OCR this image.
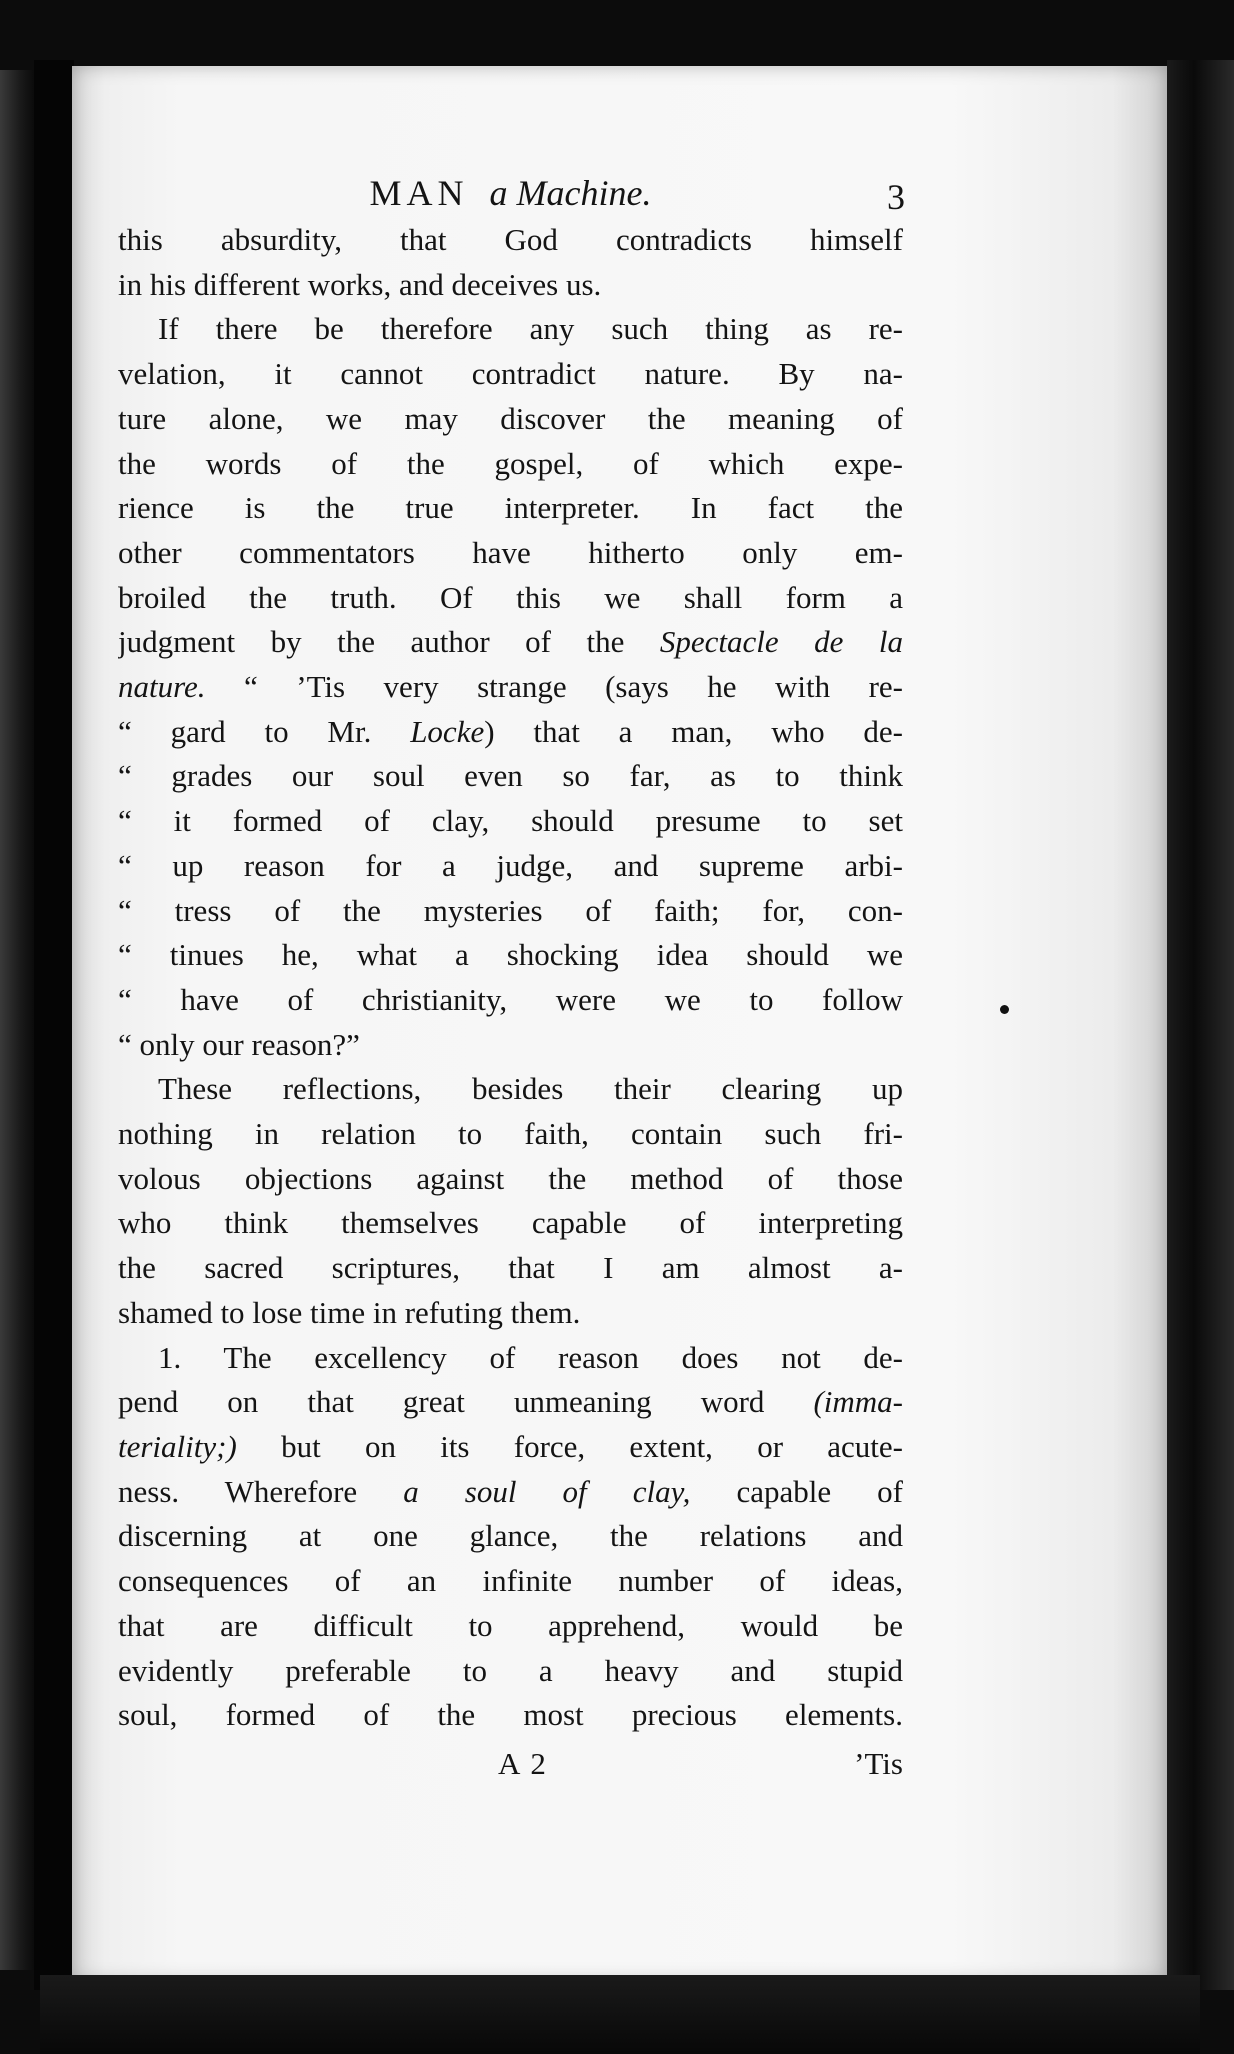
MAN a Machine.	3

this absurdity, that God contradicts himself
in his different works, and deceives us.

If there be therefore any such thing as re-
velation, it cannot contradict nature. By na-
ture alone, we may discover the meaning of
the words of the gospel, of which expe-
rience is the true interpreter. In fact the
other commentators have hitherto only em-
broiled the truth. Of this we shall form a
judgment by the author of the Spectacle de la
nature. “ ’Tis very strange (says he with re-
“ gard to Mr. Locke) that a man, who de-
“ grades our soul even so far, as to think
“ it formed of clay, should presume to set
“ up reason for a judge, and supreme arbi-
“ tress of the mysteries of faith; for, con-
“ tinues he, what a shocking idea should we
“ have of christianity, were we to follow
“ only our reason?”

These reflections, besides their clearing up
nothing in relation to faith, contain such fri-
volous objections against the method of those
who think themselves capable of interpreting
the sacred scriptures, that I am almost a-
shamed to lose time in refuting them.

1. The excellency of reason does not de-
pend on that great unmeaning word (imma-
teriality;) but on its force, extent, or acute-
ness. Wherefore a soul of clay, capable of
discerning at one glance, the relations and
consequences of an infinite number of ideas,
that are difficult to apprehend, would be
evidently preferable to a heavy and stupid
soul, formed of the most precious elements.

A 2	’Tis
